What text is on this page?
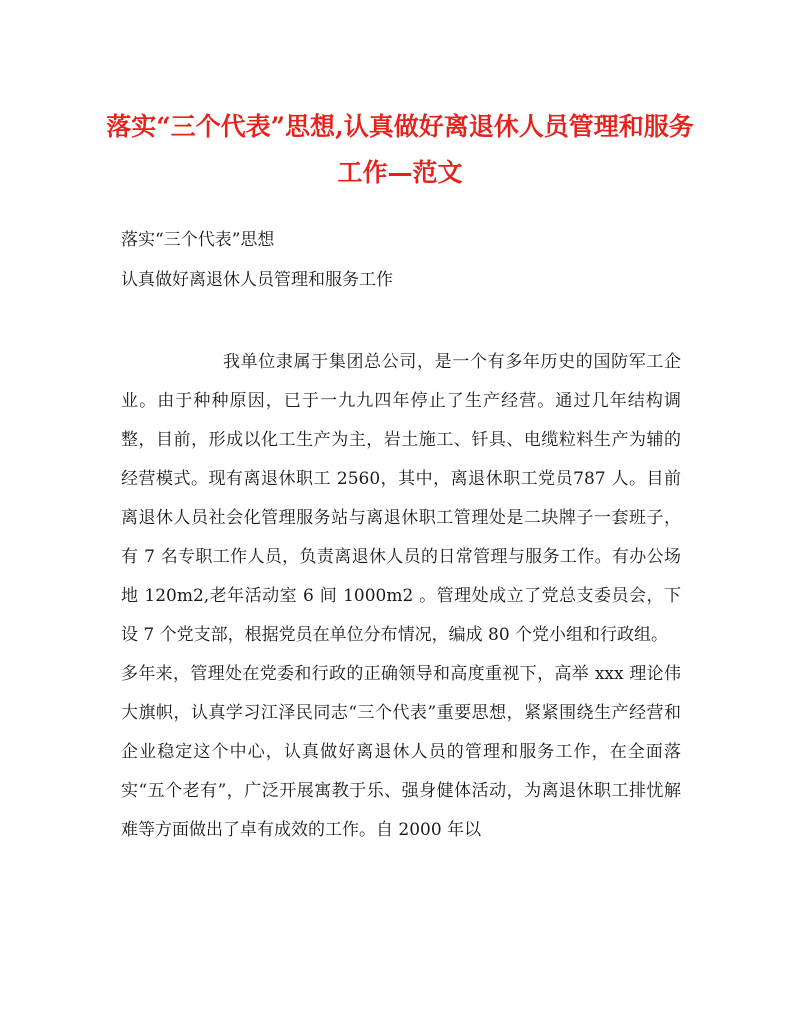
落实“三个代表”思想,认真做好离退休人员管理和服务工作—范文

落实“三个代表”思想

认真做好离退休人员管理和服务工作

我单位隶属于集团总公司，是一个有多年历史的国防军工企业。由于种种原因，已于一九九四年停止了生产经营。通过几年结构调整，目前，形成以化工生产为主，岩土施工、钎具、电缆粒料生产为辅的经营模式。现有离退休职工 2560，其中，离退休职工党员787 人。目前离退休人员社会化管理服务站与离退休职工管理处是二块牌子一套班子，有 7 名专职工作人员，负责离退休人员的日常管理与服务工作。有办公场地 120m2,老年活动室 6 间 1000m2 。管理处成立了党总支委员会，下设 7 个党支部，根据党员在单位分布情况，编成 80 个党小组和行政组。

多年来，管理处在党委和行政的正确领导和高度重视下，高举 xxx 理论伟大旗帜，认真学习江泽民同志“三个代表”重要思想，紧紧围绕生产经营和企业稳定这个中心，认真做好离退休人员的管理和服务工作，在全面落实“五个老有”，广泛开展寓教于乐、强身健体活动，为离退休职工排忧解难等方面做出了卓有成效的工作。自 2000 年以
